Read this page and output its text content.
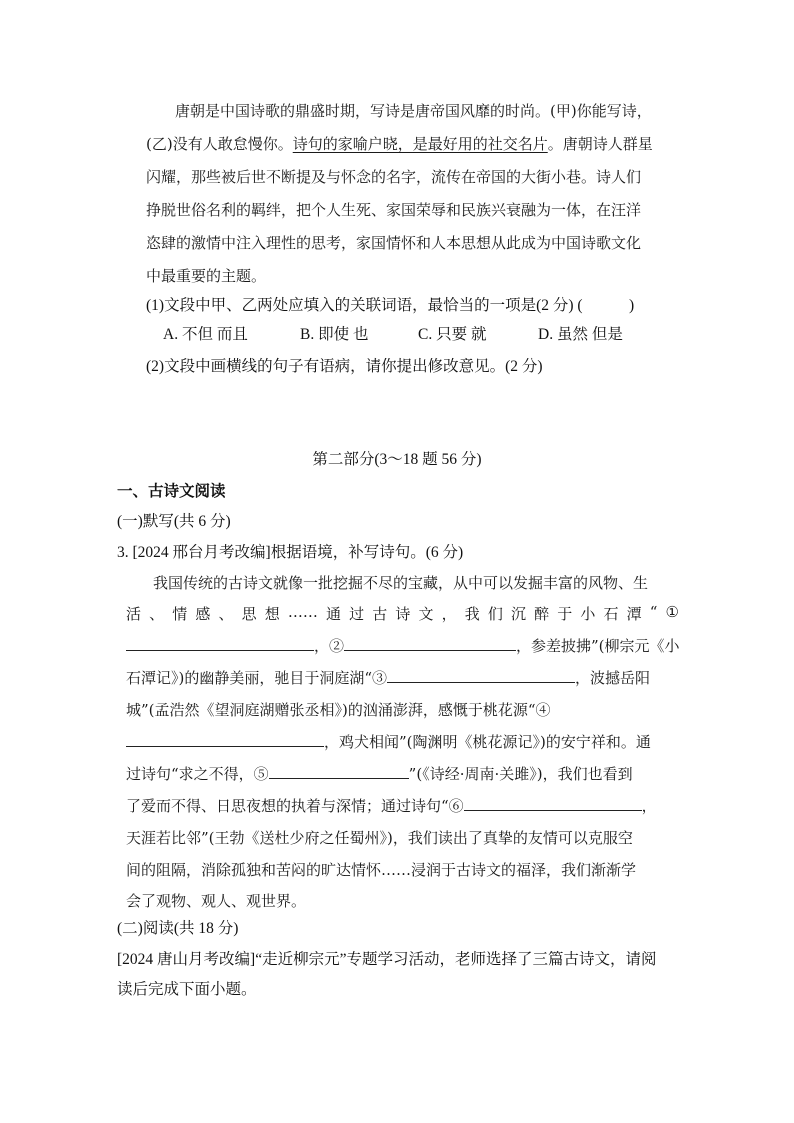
唐朝是中国诗歌的鼎盛时期，写诗是唐帝国风靡的时尚。(甲)你能写诗，
(乙)没有人敢怠慢你。诗句的家喻户晓，是最好用的社交名片。唐朝诗人群星
闪耀，那些被后世不断提及与怀念的名字，流传在帝国的大街小巷。诗人们
挣脱世俗名利的羁绊，把个人生死、家国荣辱和民族兴衰融为一体，在汪洋
恣肆的激情中注入理性的思考，家国情怀和人本思想从此成为中国诗歌文化
中最重要的主题。
(1)文段中甲、乙两处应填入的关联词语，最恰当的一项是(2 分) (　　　)
A. 不但 而且	B. 即使 也	C. 只要 就	D. 虽然 但是
(2)文段中画横线的句子有语病，请你提出修改意见。(2 分)
第二部分(3～18 题 56 分)
一、古诗文阅读
(一)默写(共 6 分)
3. [2024 邢台月考改编]根据语境，补写诗句。(6 分)
我国传统的古诗文就像一批挖掘不尽的宝藏，从中可以发掘丰富的风物、生
活 、 情 感 、 思 想 …… 通 过 古 诗 文 ， 我 们 沉 醉 于 小 石 潭 “ ①
，②	，参差披拂”(柳宗元《小
石潭记》)的幽静美丽，驰目于洞庭湖“③	，波撼岳阳
城”(孟浩然《望洞庭湖赠张丞相》)的汹涌澎湃，感慨于桃花源“④
，鸡犬相闻”(陶渊明《桃花源记》)的安宁祥和。通
过诗句“求之不得，⑤	”(《诗经·周南·关雎》)，我们也看到
了爱而不得、日思夜想的执着与深情；通过诗句“⑥	，
天涯若比邻”(王勃《送杜少府之任蜀州》)，我们读出了真挚的友情可以克服空
间的阻隔，消除孤独和苦闷的旷达情怀……浸润于古诗文的福泽，我们渐渐学
会了观物、观人、观世界。
(二)阅读(共 18 分)
[2024 唐山月考改编]“走近柳宗元”专题学习活动，老师选择了三篇古诗文，请阅
读后完成下面小题。
